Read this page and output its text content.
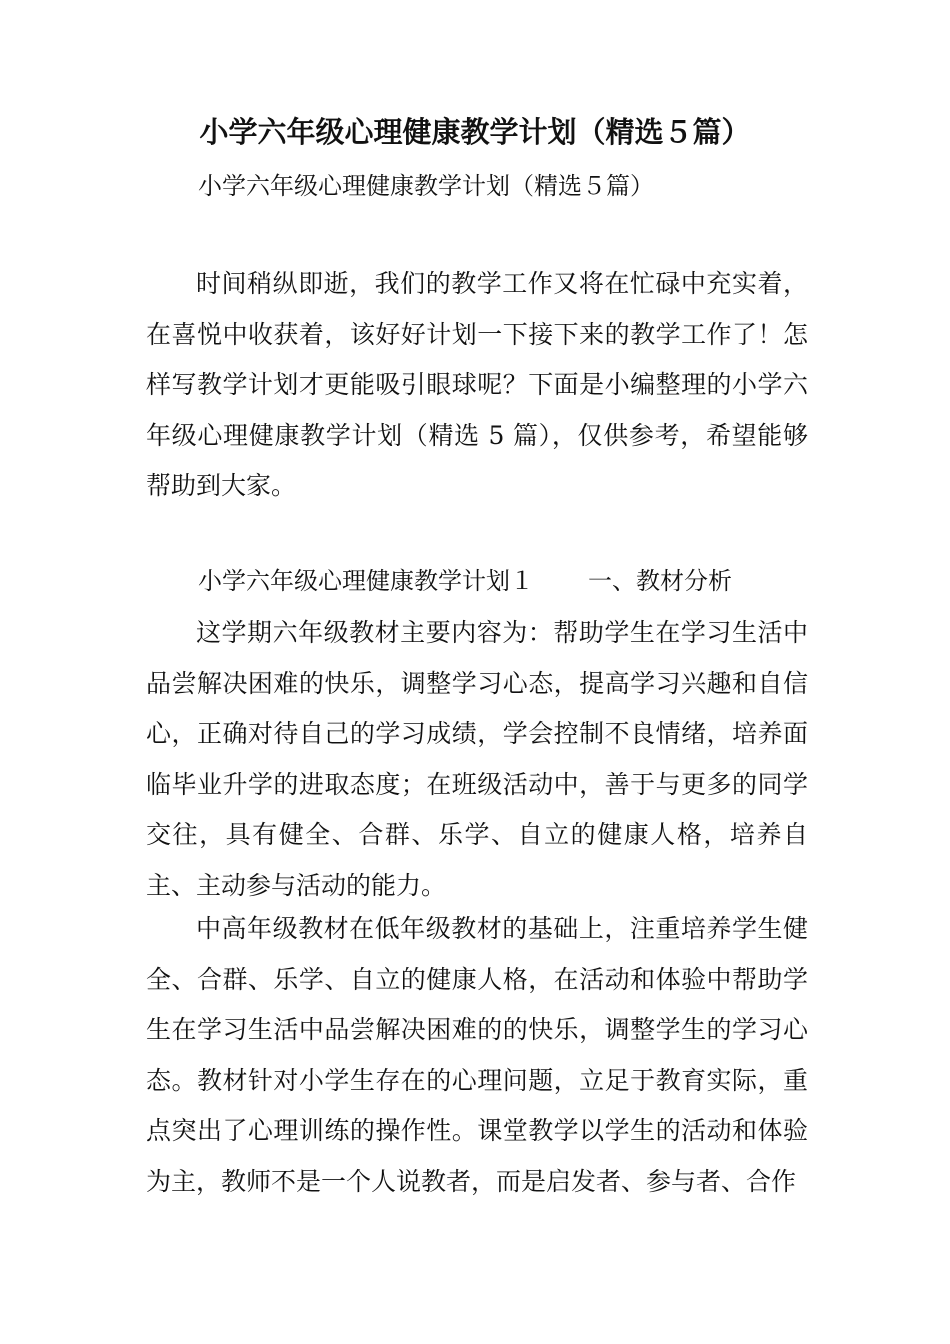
小学六年级心理健康教学计划（精选５篇）
小学六年级心理健康教学计划（精选５篇）

时间稍纵即逝，我们的教学工作又将在忙碌中充实着，在喜悦中收获着，该好好计划一下接下来的教学工作了！怎样写教学计划才更能吸引眼球呢？下面是小编整理的小学六年级心理健康教学计划（精选 5 篇），仅供参考，希望能够帮助到大家。

小学六年级心理健康教学计划１ 一、教材分析

这学期六年级教材主要内容为：帮助学生在学习生活中品尝解决困难的快乐，调整学习心态，提高学习兴趣和自信心，正确对待自己的学习成绩，学会控制不良情绪，培养面临毕业升学的进取态度；在班级活动中，善于与更多的同学交往，具有健全、合群、乐学、自立的健康人格，培养自主、主动参与活动的能力。

中高年级教材在低年级教材的基础上，注重培养学生健全、合群、乐学、自立的健康人格，在活动和体验中帮助学生在学习生活中品尝解决困难的的快乐，调整学生的学习心态。教材针对小学生存在的心理问题，立足于教育实际，重点突出了心理训练的操作性。课堂教学以学生的活动和体验为主，教师不是一个人说教者，而是启发者、参与者、合作
